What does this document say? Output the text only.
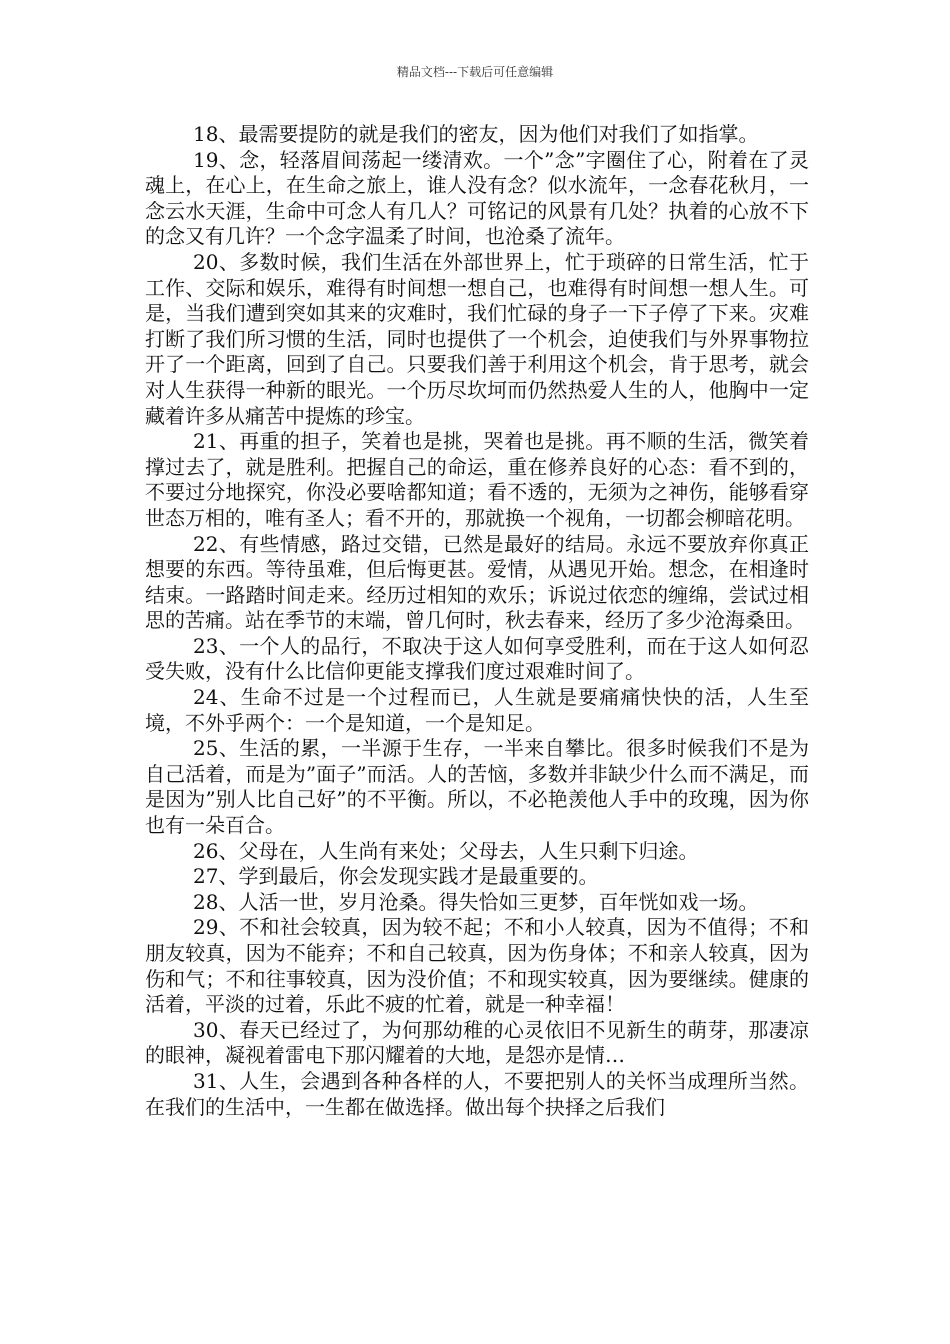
精品文档---下载后可任意编辑

18、最需要提防的就是我们的密友，因为他们对我们了如指掌。

19、念，轻落眉间荡起一缕清欢。一个”念”字圈住了心，附着在了灵魂上，在心上，在生命之旅上，谁人没有念？似水流年，一念春花秋月，一念云水天涯，生命中可念人有几人？可铭记的风景有几处？执着的心放不下的念又有几许？一个念字温柔了时间，也沧桑了流年。

20、多数时候，我们生活在外部世界上，忙于琐碎的日常生活，忙于工作、交际和娱乐，难得有时间想一想自己，也难得有时间想一想人生。可是，当我们遭到突如其来的灾难时，我们忙碌的身子一下子停了下来。灾难打断了我们所习惯的生活，同时也提供了一个机会，迫使我们与外界事物拉开了一个距离，回到了自己。只要我们善于利用这个机会，肯于思考，就会对人生获得一种新的眼光。一个历尽坎坷而仍然热爱人生的人，他胸中一定藏着许多从痛苦中提炼的珍宝。

21、再重的担子，笑着也是挑，哭着也是挑。再不顺的生活，微笑着撑过去了，就是胜利。把握自己的命运，重在修养良好的心态：看不到的，不要过分地探究，你没必要啥都知道；看不透的，无须为之神伤，能够看穿世态万相的，唯有圣人；看不开的，那就换一个视角，一切都会柳暗花明。

22、有些情感，路过交错，已然是最好的结局。永远不要放弃你真正想要的东西。等待虽难，但后悔更甚。爱情，从遇见开始。想念，在相逢时结束。一路踏时间走来。经历过相知的欢乐；诉说过依恋的缠绵，尝试过相思的苦痛。站在季节的末端，曾几何时，秋去春来，经历了多少沧海桑田。

23、一个人的品行，不取决于这人如何享受胜利，而在于这人如何忍受失败，没有什么比信仰更能支撑我们度过艰难时间了。

24、生命不过是一个过程而已，人生就是要痛痛快快的活，人生至境，不外乎两个：一个是知道，一个是知足。

25、生活的累，一半源于生存，一半来自攀比。很多时候我们不是为自己活着，而是为”面子”而活。人的苦恼，多数并非缺少什么而不满足，而是因为”别人比自己好”的不平衡。所以，不必艳羡他人手中的玫瑰，因为你也有一朵百合。

26、父母在，人生尚有来处；父母去，人生只剩下归途。

27、学到最后，你会发现实践才是最重要的。

28、人活一世，岁月沧桑。得失恰如三更梦，百年恍如戏一场。

29、不和社会较真，因为较不起；不和小人较真，因为不值得；不和朋友较真，因为不能弃；不和自己较真，因为伤身体；不和亲人较真，因为伤和气；不和往事较真，因为没价值；不和现实较真，因为要继续。健康的活着，平淡的过着，乐此不疲的忙着，就是一种幸福！

30、春天已经过了，为何那幼稚的心灵依旧不见新生的萌芽，那凄凉的眼神，凝视着雷电下那闪耀着的大地，是怨亦是情…

31、人生，会遇到各种各样的人，不要把别人的关怀当成理所当然。在我们的生活中，一生都在做选择。做出每个抉择之后我们
